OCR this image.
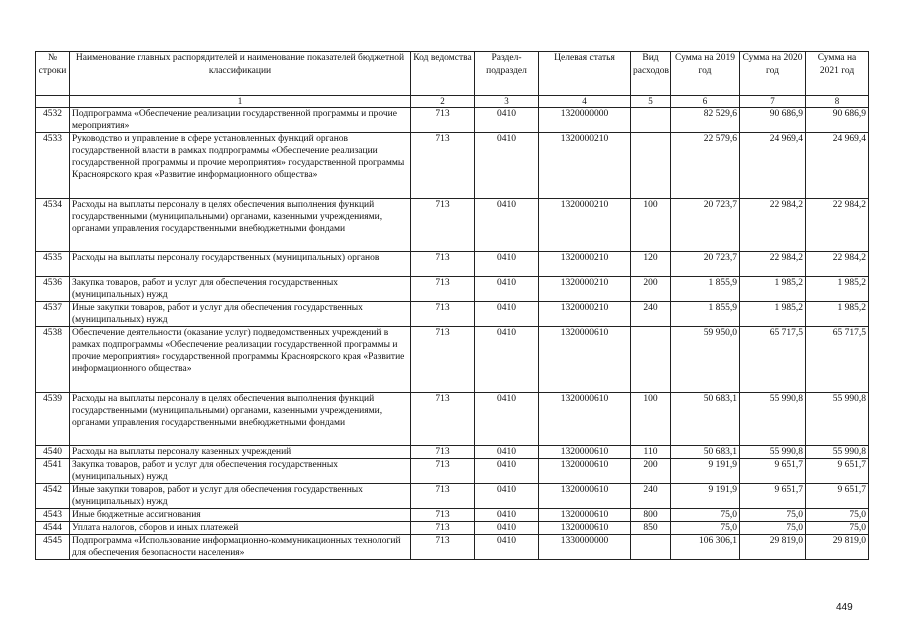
№ строки	Наименование главных распорядителей и наименование показателей бюджетной классификации	Код ведомства	Раздел-подраздел	Целевая статья	Вид расходов	Сумма на 2019 год	Сумма на 2020 год	Сумма на 2021 год
	1	2	3	4	5	6	7	8
4532	Подпрограмма «Обеспечение реализации государственной программы и прочие мероприятия»	713	0410	1320000000		82 529,6	90 686,9	90 686,9
4533	Руководство и управление в сфере установленных функций органов государственной власти в рамках подпрограммы «Обеспечение реализации государственной программы и прочие мероприятия» государственной программы Красноярского края «Развитие информационного общества»	713	0410	1320000210		22 579,6	24 969,4	24 969,4
4534	Расходы на выплаты персоналу в целях обеспечения выполнения функций государственными (муниципальными) органами, казенными учреждениями, органами управления государственными внебюджетными фондами	713	0410	1320000210	100	20 723,7	22 984,2	22 984,2
4535	Расходы на выплаты персоналу государственных (муниципальных) органов	713	0410	1320000210	120	20 723,7	22 984,2	22 984,2
4536	Закупка товаров, работ и услуг для обеспечения государственных (муниципальных) нужд	713	0410	1320000210	200	1 855,9	1 985,2	1 985,2
4537	Иные закупки товаров, работ и услуг для обеспечения государственных (муниципальных) нужд	713	0410	1320000210	240	1 855,9	1 985,2	1 985,2
4538	Обеспечение деятельности (оказание услуг) подведомственных учреждений в рамках подпрограммы «Обеспечение реализации государственной программы и прочие мероприятия» государственной программы Красноярского края «Развитие информационного общества»	713	0410	1320000610		59 950,0	65 717,5	65 717,5
4539	Расходы на выплаты персоналу в целях обеспечения выполнения функций государственными (муниципальными) органами, казенными учреждениями, органами управления государственными внебюджетными фондами	713	0410	1320000610	100	50 683,1	55 990,8	55 990,8
4540	Расходы на выплаты персоналу казенных учреждений	713	0410	1320000610	110	50 683,1	55 990,8	55 990,8
4541	Закупка товаров, работ и услуг для обеспечения государственных (муниципальных) нужд	713	0410	1320000610	200	9 191,9	9 651,7	9 651,7
4542	Иные закупки товаров, работ и услуг для обеспечения государственных (муниципальных) нужд	713	0410	1320000610	240	9 191,9	9 651,7	9 651,7
4543	Иные бюджетные ассигнования	713	0410	1320000610	800	75,0	75,0	75,0
4544	Уплата налогов, сборов и иных платежей	713	0410	1320000610	850	75,0	75,0	75,0
4545	Подпрограмма «Использование информационно-коммуникационных технологий для обеспечения безопасности населения»	713	0410	1330000000		106 306,1	29 819,0	29 819,0
449
